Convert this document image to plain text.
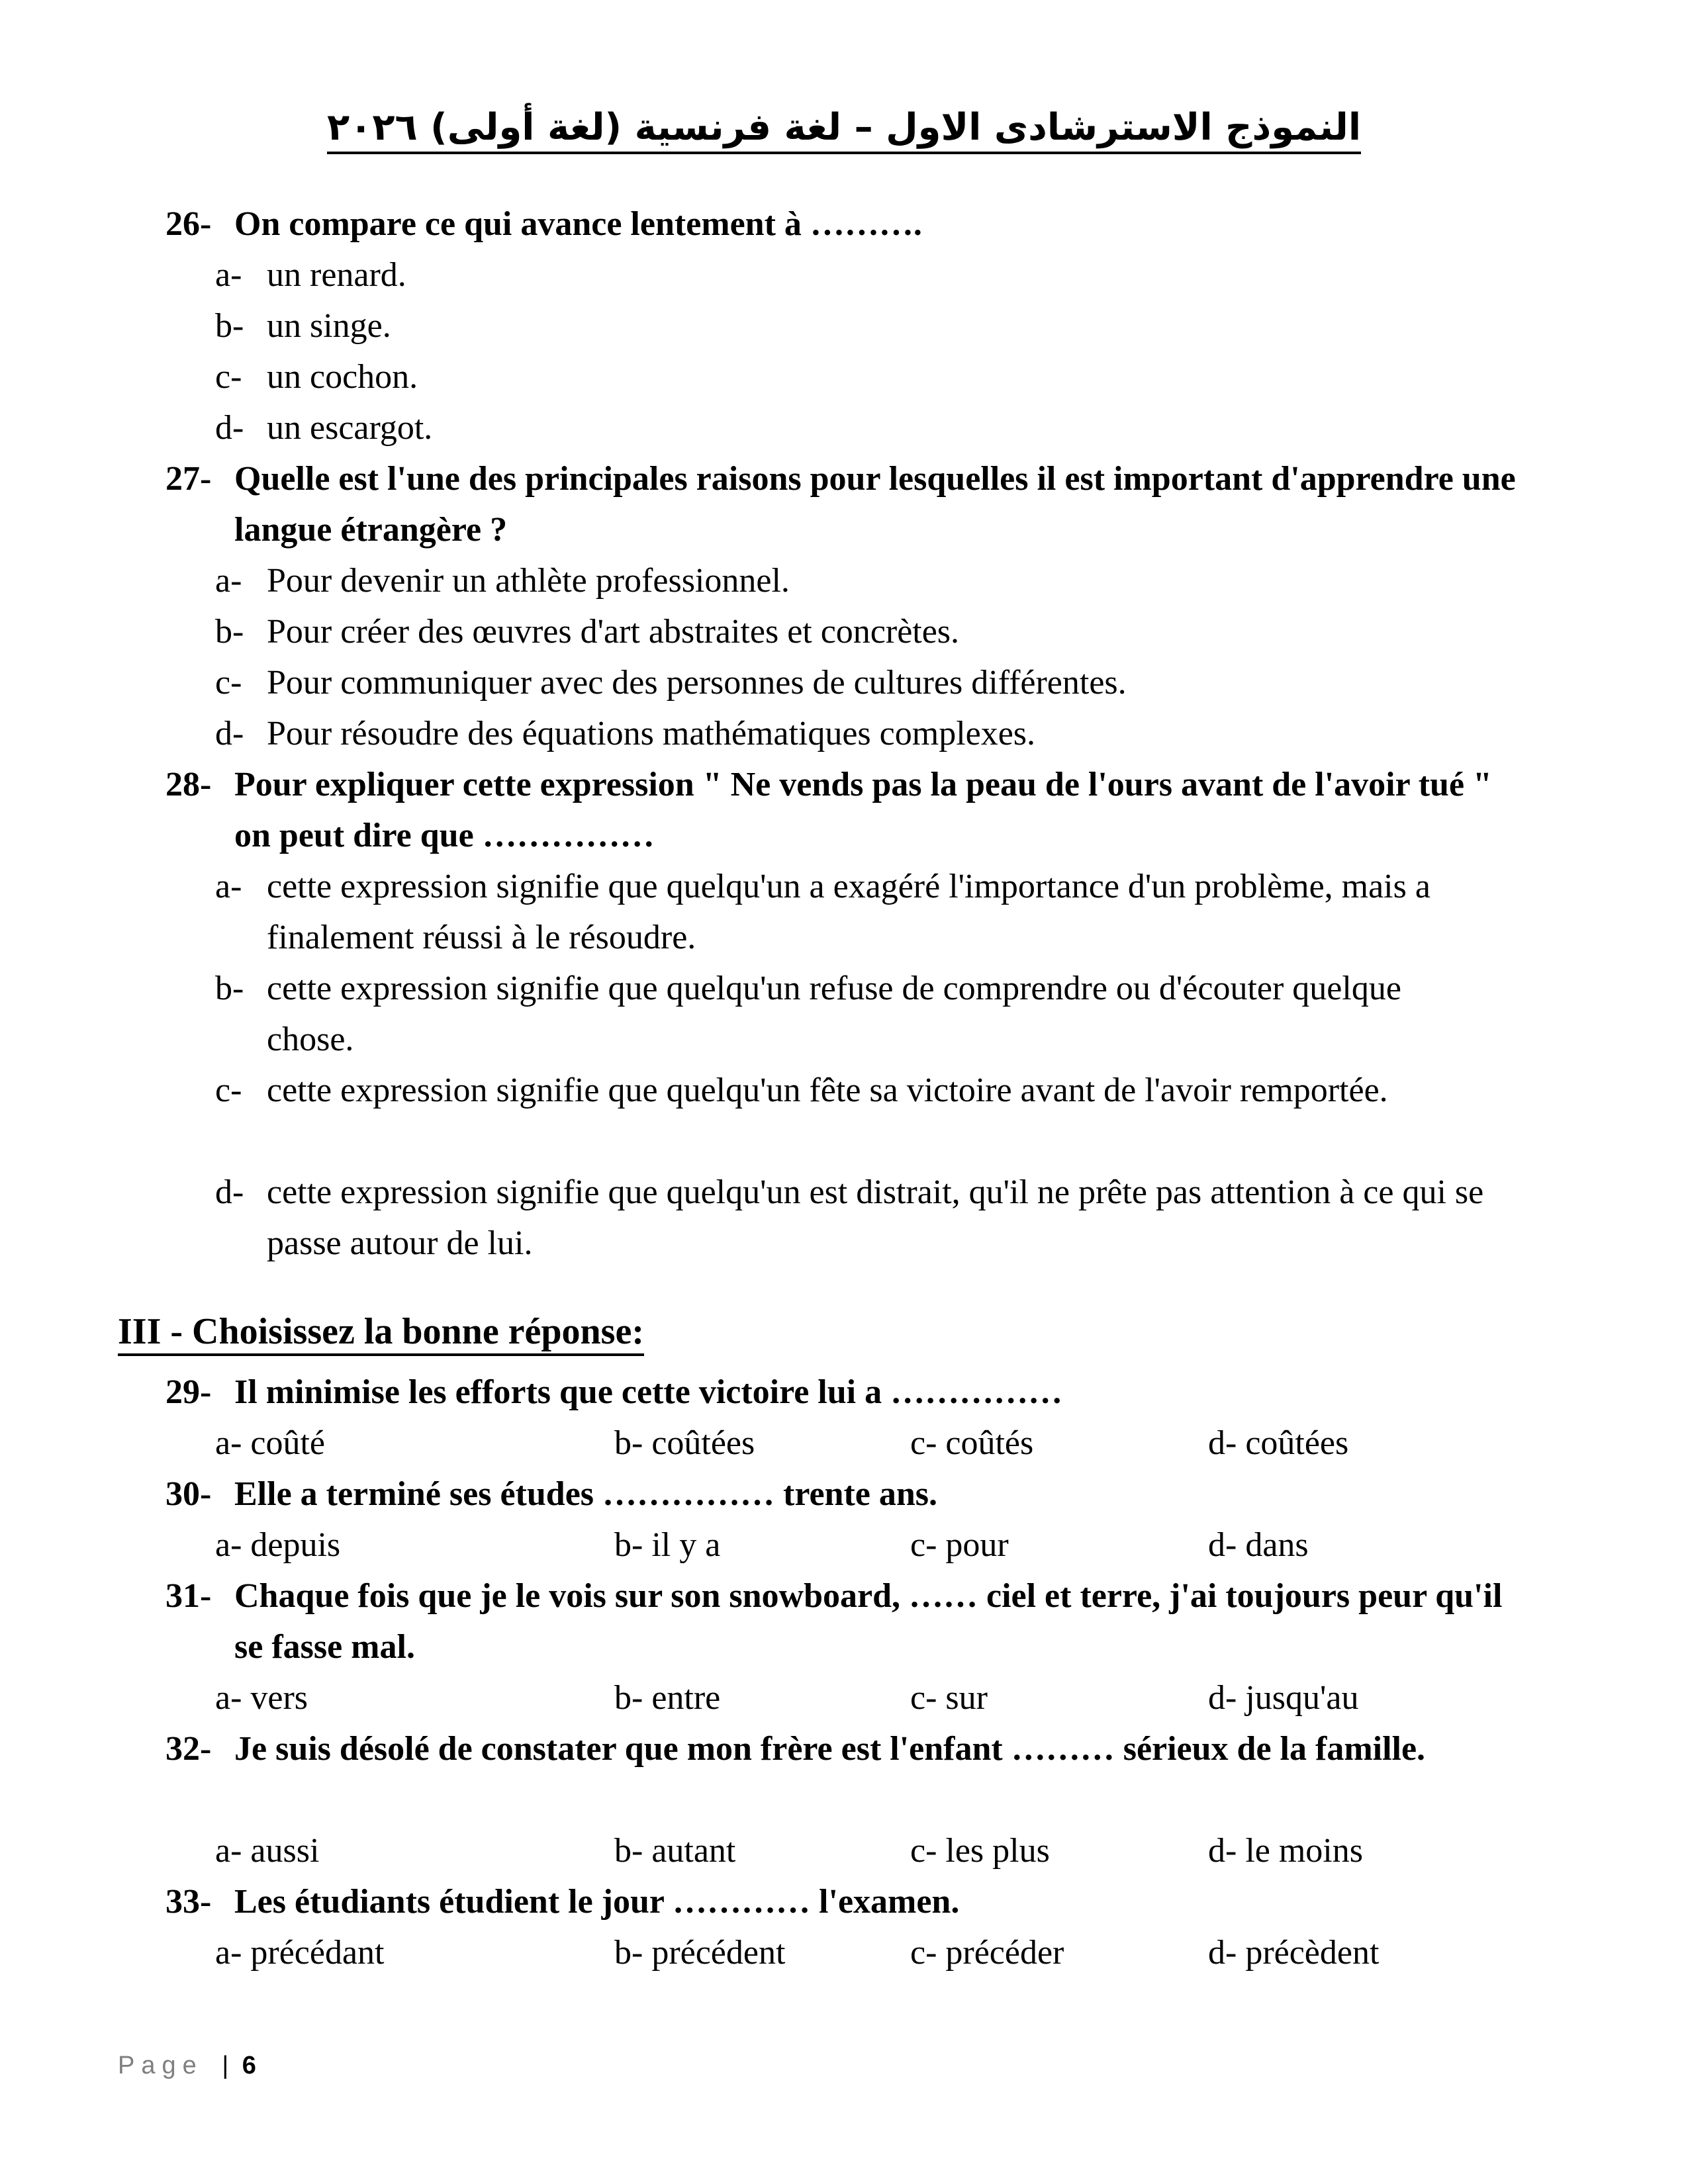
النموذج الاسترشادى الاول – لغة فرنسية (لغة أولى) ٢٠٢٦
26- On compare ce qui avance lentement à ……….
a- un renard.
b- un singe.
c- un cochon.
d- un escargot.
27- Quelle est l'une des principales raisons pour lesquelles il est important d'apprendre une langue étrangère ?
a- Pour devenir un athlète professionnel.
b- Pour créer des œuvres d'art abstraites et concrètes.
c- Pour communiquer avec des personnes de cultures différentes.
d- Pour résoudre des équations mathématiques complexes.
28- Pour expliquer cette expression " Ne vends pas la peau de l'ours avant de l'avoir tué " on peut dire que ……………
a- cette expression signifie que quelqu'un a exagéré l'importance d'un problème, mais a finalement réussi à le résoudre.
b- cette expression signifie que quelqu'un refuse de comprendre ou d'écouter quelque chose.
c- cette expression signifie que quelqu'un fête sa victoire avant de l'avoir remportée.
d- cette expression signifie que quelqu'un est distrait, qu'il ne prête pas attention à ce qui se passe autour de lui.
III - Choisissez la bonne réponse:
29- Il minimise les efforts que cette victoire lui a ……………
a- coûté	b- coûtées	c- coûtés	d- coûtées
30- Elle a terminé ses études …………… trente ans.
a- depuis	b- il y a	c- pour	d- dans
31- Chaque fois que je le vois sur son snowboard, …… ciel et terre, j'ai toujours peur qu'il se fasse mal.
a- vers	b- entre	c- sur	d- jusqu'au
32- Je suis désolé de constater que mon frère est l'enfant ……… sérieux de la famille.
a- aussi	b- autant	c- les plus	d- le moins
33- Les étudiants étudient le jour ………… l'examen.
a- précédant	b- précédent	c- précéder	d- précèdent
Page | 6
